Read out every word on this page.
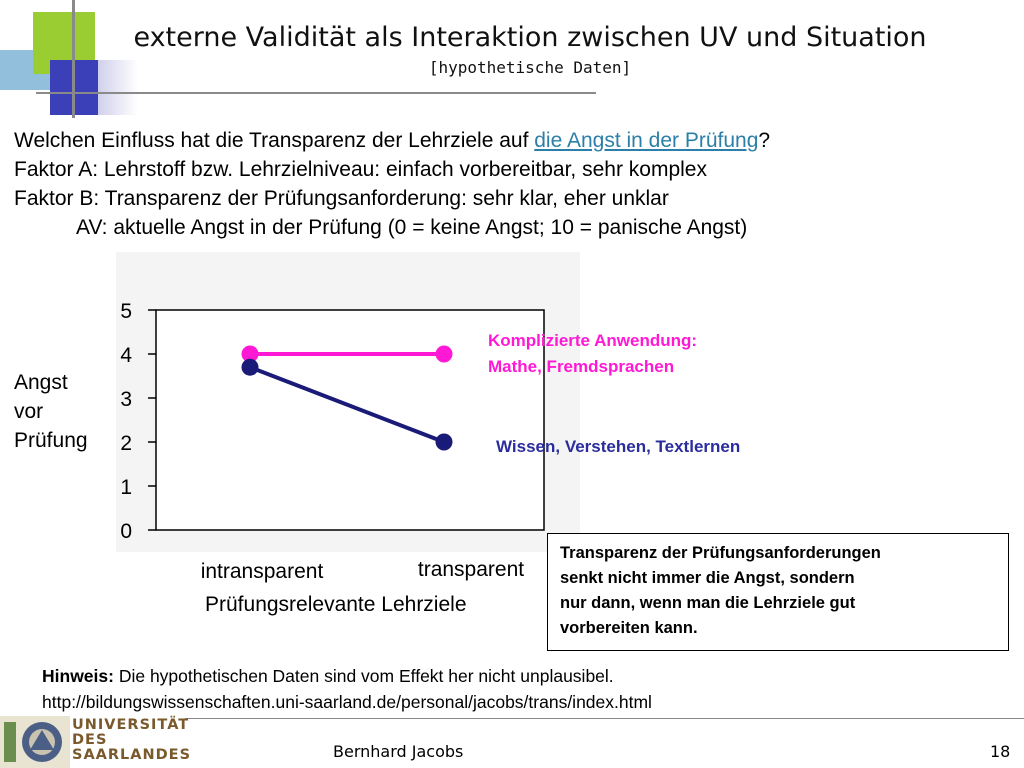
externe Validität als Interaktion zwischen UV und Situation
[hypothetische Daten]
Welchen Einfluss hat die Transparenz der Lehrziele auf die Angst in der Prüfung?
Faktor A: Lehrstoff bzw. Lehrzielniveau: einfach vorbereitbar, sehr komplex
Faktor B: Transparenz der Prüfungsanforderung: sehr klar, eher unklar
AV: aktuelle Angst in der Prüfung (0 = keine Angst; 10 = panische Angst)
0
1
2
3
4
5
intransparent	transparent
Angst
vor
Prüfung
Prüfungsrelevante Lehrziele
Komplizierte Anwendung:
Mathe, Fremdsprachen
Wissen, Verstehen, Textlernen
Transparenz der Prüfungsanforderungen
senkt nicht immer die Angst, sondern
nur dann, wenn man die Lehrziele gut
vorbereiten kann.
Hinweis: Die hypothetischen Daten sind vom Effekt her nicht unplausibel.
http://bildungswissenschaften.uni-saarland.de/personal/jacobs/trans/index.html
UNIVERSITÄT
DES
SAARLANDES	Bernhard Jacobs	18
